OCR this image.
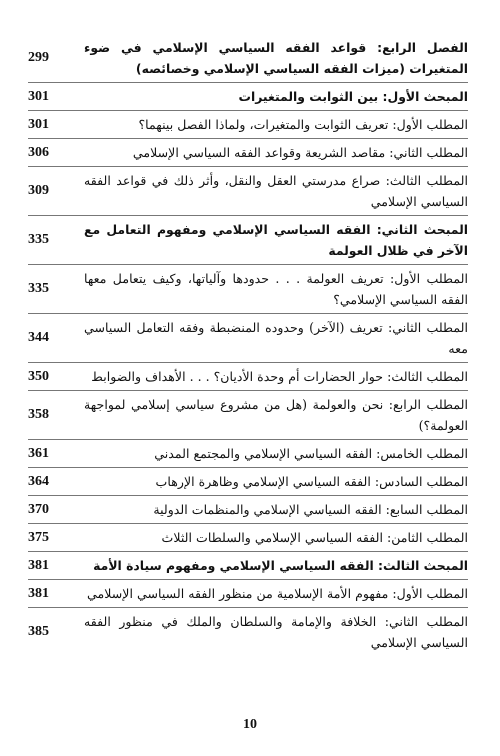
الفصل الرابع: قواعد الفقه السياسي الإسلامي في ضوء المتغيرات (ميزات الفقه السياسي الإسلامي وخصائصه)
299
المبحث الأول: بين الثوابت والمتغيرات
301
المطلب الأول: تعريف الثوابت والمتغيرات، ولماذا الفصل بينهما؟
301
المطلب الثاني: مقاصد الشريعة وقواعد الفقه السياسي الإسلامي
306
المطلب الثالث: صراع مدرستي العقل والنقل، وأثر ذلك في قواعد الفقه السياسي الإسلامي
309
المبحث الثاني: الفقه السياسي الإسلامي ومفهوم التعامل مع الآخر في ظلال العولمة
335
المطلب الأول: تعريف العولمة . . . حدودها وآلياتها، وكيف يتعامل معها الفقه السياسي الإسلامي؟
335
المطلب الثاني: تعريف (الآخر) وحدوده المنضبطة وفقه التعامل السياسي معه
344
المطلب الثالث: حوار الحضارات أم وحدة الأديان؟ . . . الأهداف والضوابط
350
المطلب الرابع: نحن والعولمة (هل من مشروع سياسي إسلامي لمواجهة العولمة؟)
358
المطلب الخامس: الفقه السياسي الإسلامي والمجتمع المدني
361
المطلب السادس: الفقه السياسي الإسلامي وظاهرة الإرهاب
364
المطلب السابع: الفقه السياسي الإسلامي والمنظمات الدولية
370
المطلب الثامن: الفقه السياسي الإسلامي والسلطات الثلاث
375
المبحث الثالث: الفقه السياسي الإسلامي ومفهوم سيادة الأمة
381
المطلب الأول: مفهوم الأمة الإسلامية من منظور الفقه السياسي الإسلامي
381
المطلب الثاني: الخلافة والإمامة والسلطان والملك في منظور الفقه السياسي الإسلامي
385
10
